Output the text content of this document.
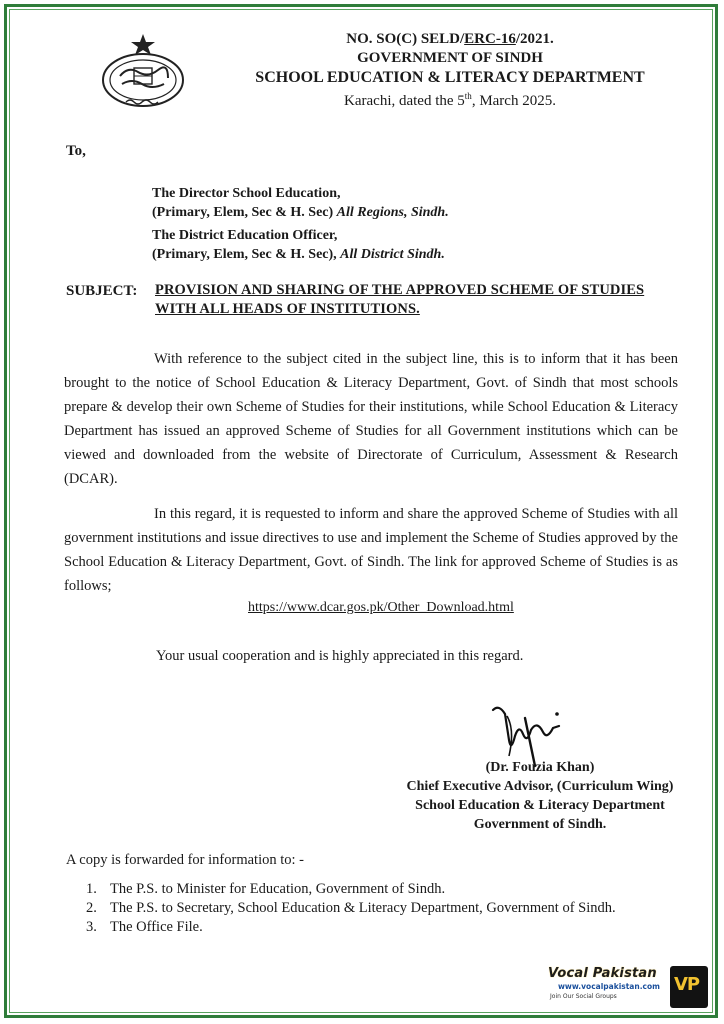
NO. SO(C) SELD/ERC-16/2021.
GOVERNMENT OF SINDH
SCHOOL EDUCATION & LITERACY DEPARTMENT
Karachi, dated the 5th, March 2025.
To,
The Director School Education,
(Primary, Elem, Sec & H. Sec) All Regions, Sindh.
The District Education Officer,
(Primary, Elem, Sec & H. Sec), All District Sindh.
SUBJECT: PROVISION AND SHARING OF THE APPROVED SCHEME OF STUDIES WITH ALL HEADS OF INSTITUTIONS.
With reference to the subject cited in the subject line, this is to inform that it has been brought to the notice of School Education & Literacy Department, Govt. of Sindh that most schools prepare & develop their own Scheme of Studies for their institutions, while School Education & Literacy Department has issued an approved Scheme of Studies for all Government institutions which can be viewed and downloaded from the website of Directorate of Curriculum, Assessment & Research (DCAR).
In this regard, it is requested to inform and share the approved Scheme of Studies with all government institutions and issue directives to use and implement the Scheme of Studies approved by the School Education & Literacy Department, Govt. of Sindh. The link for approved Scheme of Studies is as follows;
https://www.dcar.gos.pk/Other_Download.html
Your usual cooperation and is highly appreciated in this regard.
(Dr. Fouzia Khan)
Chief Executive Advisor, (Curriculum Wing)
School Education & Literacy Department
Government of Sindh.
A copy is forwarded for information to: -
1. The P.S. to Minister for Education, Government of Sindh.
2. The P.S. to Secretary, School Education & Literacy Department, Government of Sindh.
3. The Office File.
Vocal Pakistan
www.vocalpakistan.com
Join Our Social Groups
VP
